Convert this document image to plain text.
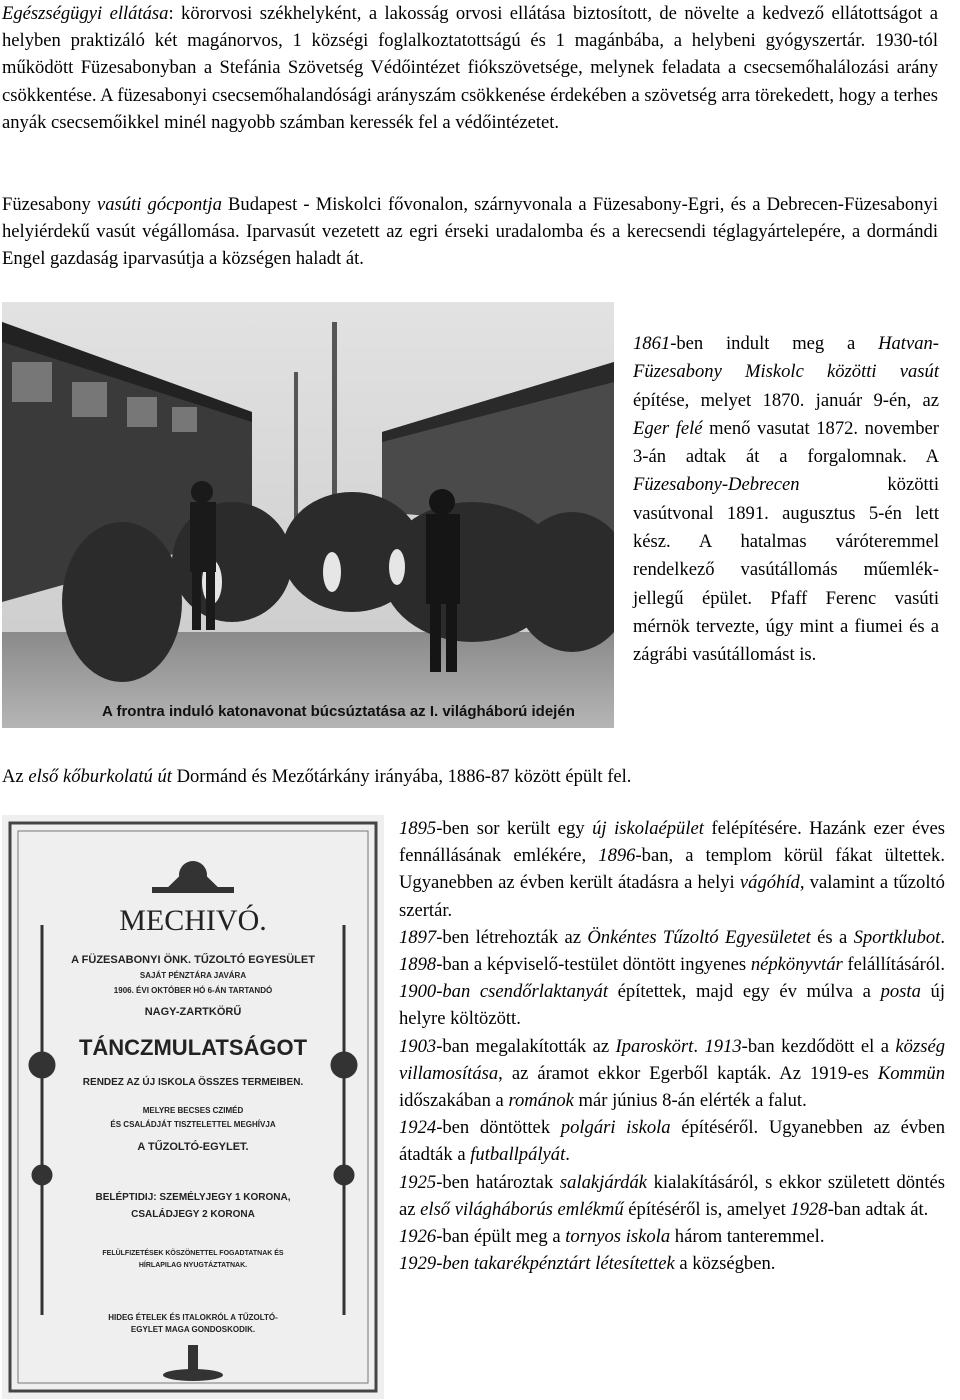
Egészségügyi ellátása: körorvosi székhelyként, a lakosság orvosi ellátása biztosított, de növelte a kedvező ellátottságot a helyben praktizáló két magánorvos, 1 községi foglalkoztatottságú és 1 magánbába, a helybeni gyógyszertár. 1930-tól működött Füzesabonyban a Stefánia Szövetség Védőintézet fiókszövetsége, melynek feladata a csecsemőhalálozási arány csökkentése. A füzesabonyi csecsemőhalandósági arányszám csökkenése érdekében a szövetség arra törekedett, hogy a terhes anyák csecsemőikkel minél nagyobb számban keressék fel a védőintézetet.

Füzesabony vasúti gócpontja Budapest - Miskolci fővonalon, szárnyvonala a Füzesabony-Egri, és a Debrecen-Füzesabonyi helyiérdekű vasút végállomása. Iparvasút vezetett az egri érseki uradalomba és a kerecsendi téglagyártelepére, a dormándi Engel gazdaság iparvasútja a községen haladt át.

A frontra induló katonavonat búcsúztatása az I. világháború idején

1861-ben indult meg a Hatvan-Füzesabony Miskolc közötti vasút építése, melyet 1870. január 9-én, az Eger felé menő vasutat 1872. november 3-án adtak át a forgalomnak. A Füzesabony-Debrecen közötti vasútvonal 1891. augusztus 5-én lett kész. A hatalmas váróteremmel rendelkező vasútállomás műemlék-jellegű épület. Pfaff Ferenc vasúti mérnök tervezte, úgy mint a fiumei és a zágrábi vasútállomást is.

Az első kőburkolatú út Dormánd és Mezőtárkány irányába, 1886-87 között épült fel.

MECHIVÓ.
A FÜZESABONYI ÖNK. TŰZOLTÓ EGYESÜLET
SAJÁT PÉNZTÁRA JAVÁRA
1906. ÉVI OKTÓBER HÓ 6-ÁN TARTANDÓ
NAGY-ZARTKÖRŰ
TÁNCZMULATSÁGOT
RENDEZ AZ ÚJ ISKOLA ÖSSZES TERMEIBEN.
MELYRE BECSES CZIMÉD
ÉS CSALÁDJÁT TISZTELETTEL MEGHÍVJA
A TŰZOLTÓ-EGYLET.
BELÉPTIDIJ: SZEMÉLYJEGY 1 KORONA,
CSALÁDJEGY 2 KORONA
FELÜLFIZETÉSEK KÖSZÖNETTEL FOGADTATNAK ÉS
HÍRLAPILAG NYUGTÁZTATNAK.
HIDEG ÉTELEK ÉS ITALOKRÓL A TŰZOLTÓ-
EGYLET MAGA GONDOSKODIK.
1895-ben sor került egy új iskolaépület felépítésére. Hazánk ezer éves fennállásának emlékére, 1896-ban, a templom körül fákat ültettek. Ugyanebben az évben került átadásra a helyi vágóhíd, valamint a tűzoltó szertár.
1897-ben létrehozták az Önkéntes Tűzoltó Egyesületet és a Sportklubot. 1898-ban a képviselő-testület döntött ingyenes népkönyvtár felállításáról. 1900-ban csendőrlaktanyát építettek, majd egy év múlva a posta új helyre költözött.
1903-ban megalakították az Iparoskört. 1913-ban kezdődött el a község villamosítása, az áramot ekkor Egerből kapták. Az 1919-es Kommün időszakában a románok már június 8-án elérték a falut.
1924-ben döntöttek polgári iskola építéséről. Ugyanebben az évben átadták a futballpályát.
1925-ben határoztak salakjárdák kialakításáról, s ekkor született döntés az első világháborús emlékmű építéséről is, amelyet 1928-ban adtak át.
1926-ban épült meg a tornyos iskola három tanteremmel.
1929-ben takarékpénztárt létesítettek a községben.
